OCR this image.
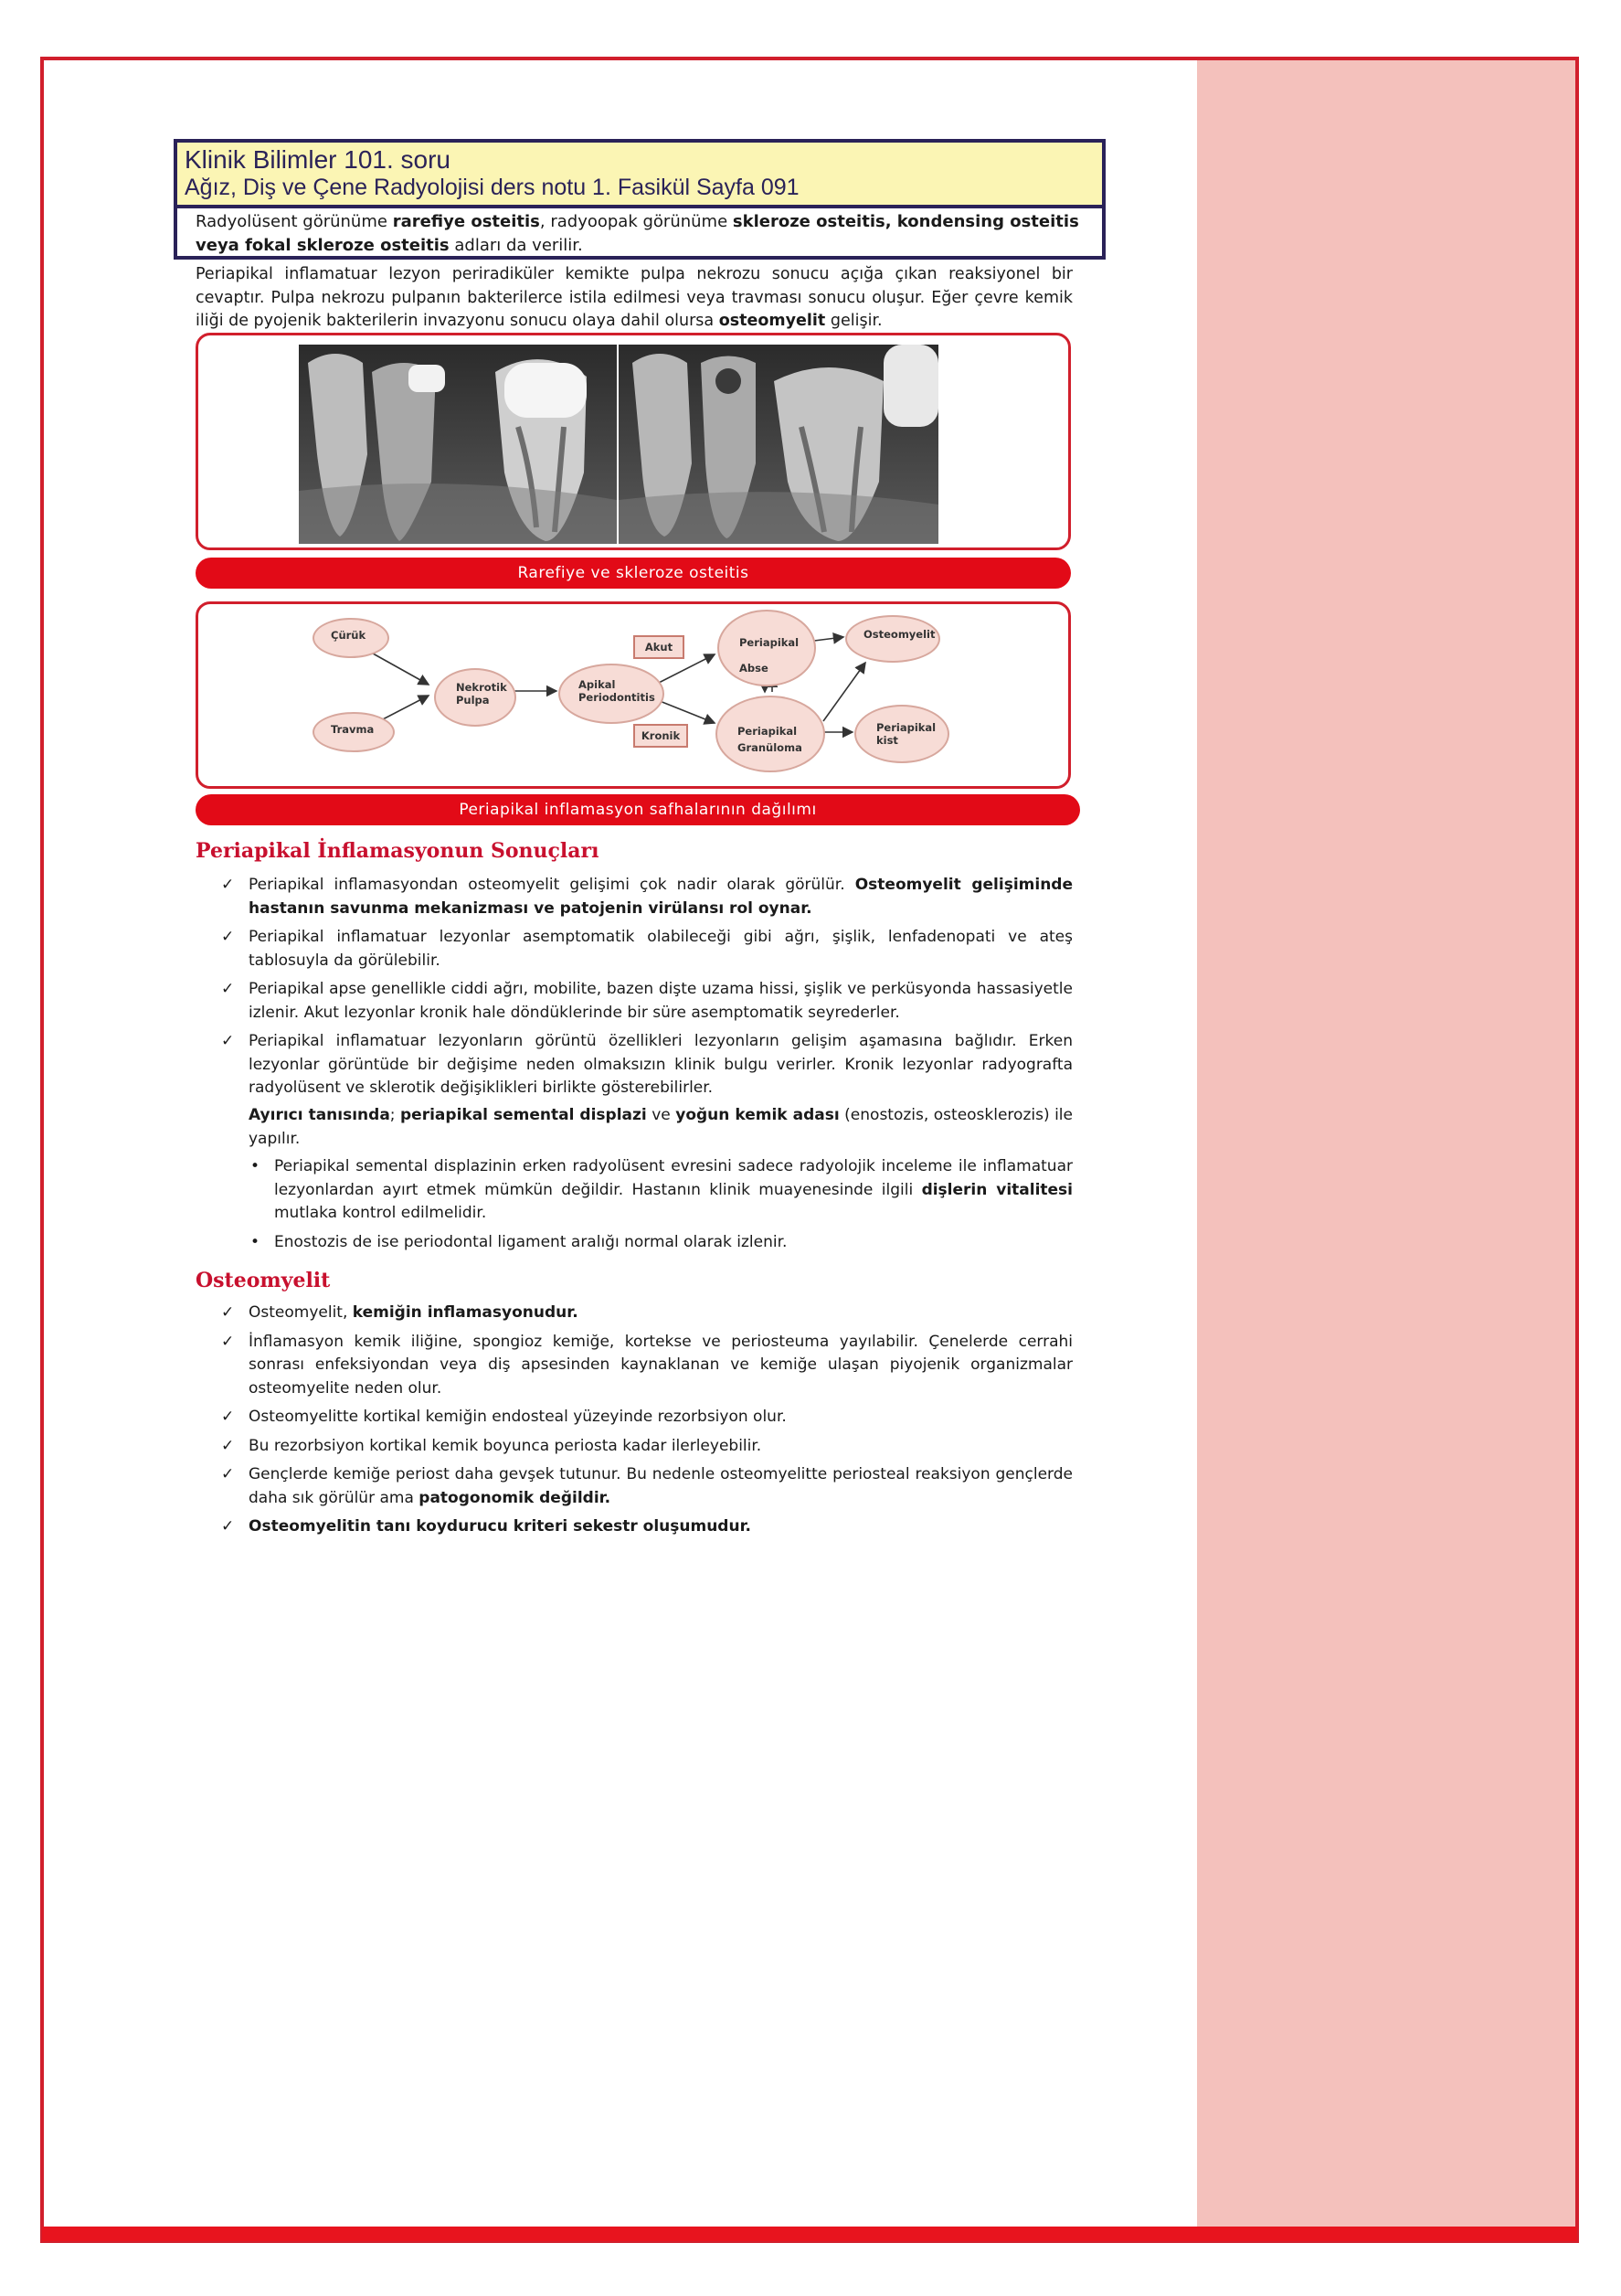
Klinik Bilimler 101. soru
Ağız, Diş ve Çene Radyolojisi ders notu 1. Fasikül Sayfa 091
Radyolüsent görünüme rarefiye osteitis, radyoopak görünüme skleroze osteitis, kondensing osteitis veya fokal skleroze osteitis adları da verilir.
Periapikal inflamatuar lezyon periradiküler kemikte pulpa nekrozu sonucu açığa çıkan reaksiyonel bir cevaptır. Pulpa nekrozu pulpanın bakterilerce istila edilmesi veya travması sonucu oluşur. Eğer çevre kemik iliği de pyojenik bakterilerin invazyonu sonucu olaya dahil olursa osteomyelit gelişir.
Rarefiye ve skleroze osteitis
Çürük
Travma
Nekrotik Pulpa
Apikal Periodontitis
Akut
Kronik
Periapikal Abse
Periapikal Granüloma
Osteomyelit
Periapikal kist
Periapikal inflamasyon safhalarının dağılımı
Periapikal İnflamasyonun Sonuçları
✓ Periapikal inflamasyondan osteomyelit gelişimi çok nadir olarak görülür. Osteomyelit gelişiminde hastanın savunma mekanizması ve patojenin virülansı rol oynar.
✓ Periapikal inflamatuar lezyonlar asemptomatik olabileceği gibi ağrı, şişlik, lenfadenopati ve ateş tablosuyla da görülebilir.
✓ Periapikal apse genellikle ciddi ağrı, mobilite, bazen dişte uzama hissi, şişlik ve perküsyonda hassasiyetle izlenir. Akut lezyonlar kronik hale döndüklerinde bir süre asemptomatik seyrederler.
✓ Periapikal inflamatuar lezyonların görüntü özellikleri lezyonların gelişim aşamasına bağlıdır. Erken lezyonlar görüntüde bir değişime neden olmaksızın klinik bulgu verirler. Kronik lezyonlar radyografta radyolüsent ve sklerotik değişiklikleri birlikte gösterebilirler.
Ayırıcı tanısında; periapikal semental displazi ve yoğun kemik adası (enostozis, osteosklerozis) ile yapılır.
• Periapikal semental displazinin erken radyolüsent evresini sadece radyolojik inceleme ile inflamatuar lezyonlardan ayırt etmek mümkün değildir. Hastanın klinik muayenesinde ilgili dişlerin vitalitesi mutlaka kontrol edilmelidir.
• Enostozis de ise periodontal ligament aralığı normal olarak izlenir.
Osteomyelit
✓ Osteomyelit, kemiğin inflamasyonudur.
✓ İnflamasyon kemik iliğine, spongioz kemiğe, kortekse ve periosteuma yayılabilir. Çenelerde cerrahi sonrası enfeksiyondan veya diş apsesinden kaynaklanan ve kemiğe ulaşan piyojenik organizmalar osteomyelite neden olur.
✓ Osteomyelitte kortikal kemiğin endosteal yüzeyinde rezorbsiyon olur.
✓ Bu rezorbsiyon kortikal kemik boyunca periosta kadar ilerleyebilir.
✓ Gençlerde kemiğe periost daha gevşek tutunur. Bu nedenle osteomyelitte periosteal reaksiyon gençlerde daha sık görülür ama patogonomik değildir.
✓ Osteomyelitin tanı koydurucu kriteri sekestr oluşumudur.
